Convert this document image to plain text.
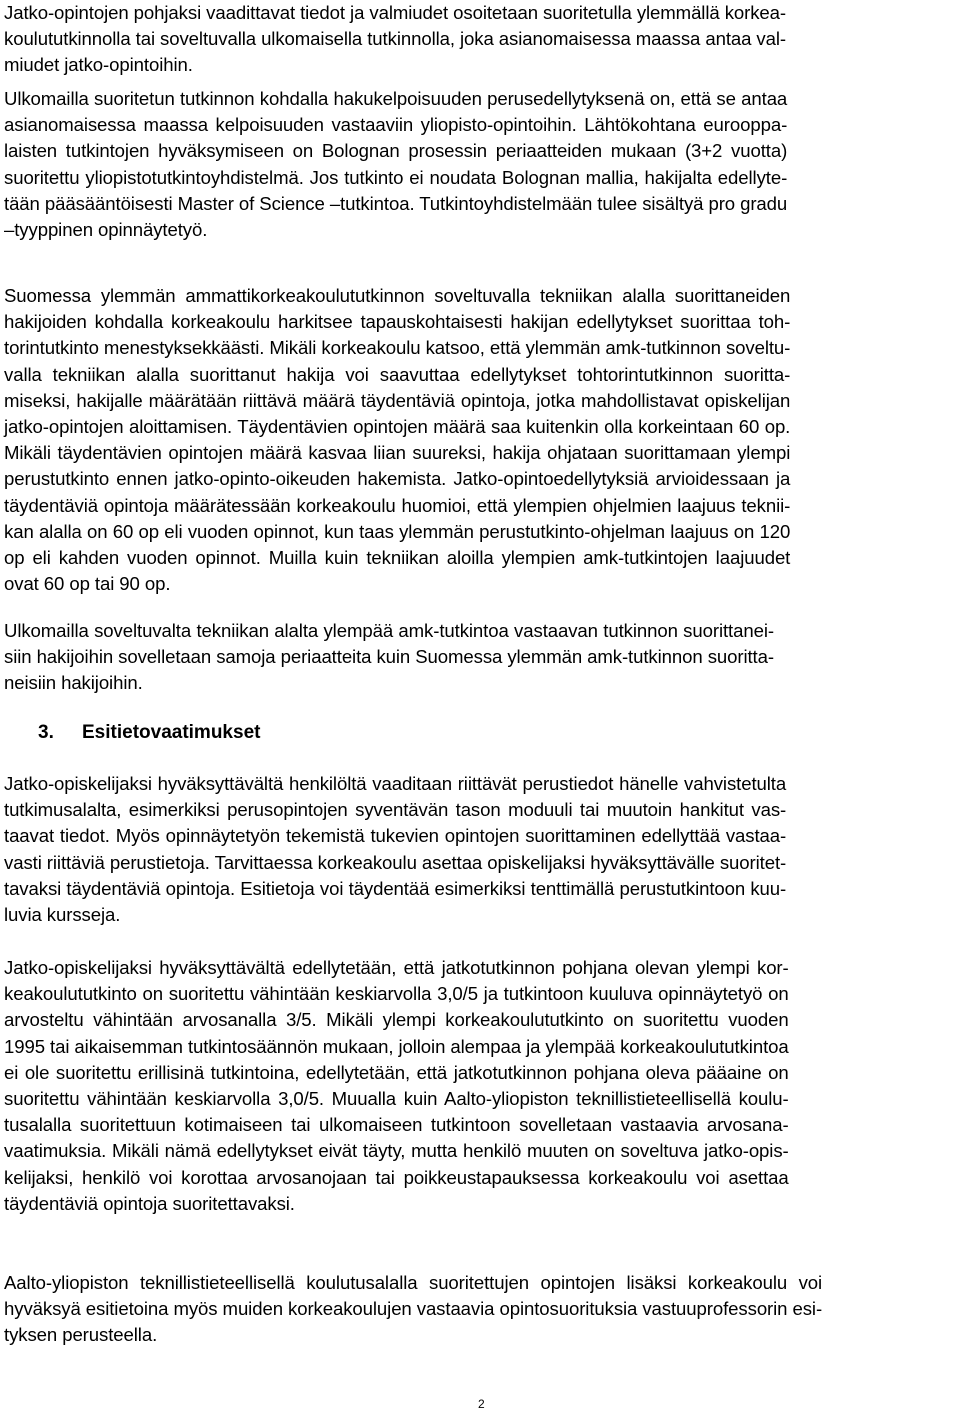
Jatko-opintojen pohjaksi vaadittavat tiedot ja valmiudet osoitetaan suoritetulla ylemmällä korkea-
koulututkinnolla tai soveltuvalla ulkomaisella tutkinnolla, joka asianomaisessa maassa antaa val-
miudet jatko-opintoihin.
Ulkomailla suoritetun tutkinnon kohdalla hakukelpoisuuden perusedellytyksenä on, että se antaa
asianomaisessa maassa kelpoisuuden vastaaviin yliopisto-opintoihin. Lähtökohtana eurooppa-
laisten tutkintojen hyväksymiseen on Bolognan prosessin periaatteiden mukaan (3+2 vuotta)
suoritettu yliopistotutkintoyhdistelmä. Jos tutkinto ei noudata Bolognan mallia, hakijalta edellyte-
tään pääsääntöisesti Master of Science –tutkintoa. Tutkintoyhdistelmään tulee sisältyä pro gradu
–tyyppinen opinnäytetyö.
Suomessa ylemmän ammattikorkeakoulututkinnon soveltuvalla tekniikan alalla suorittaneiden
hakijoiden kohdalla korkeakoulu harkitsee tapauskohtaisesti hakijan edellytykset suorittaa toh-
torintutkinto menestyksekkäästi. Mikäli korkeakoulu katsoo, että ylemmän amk-tutkinnon soveltu-
valla tekniikan alalla suorittanut hakija voi saavuttaa edellytykset tohtorintutkinnon suoritta-
miseksi, hakijalle määrätään riittävä määrä täydentäviä opintoja, jotka mahdollistavat opiskelijan
jatko-opintojen aloittamisen. Täydentävien opintojen määrä saa kuitenkin olla korkeintaan 60 op.
Mikäli täydentävien opintojen määrä kasvaa liian suureksi, hakija ohjataan suorittamaan ylempi
perustutkinto ennen jatko-opinto-oikeuden hakemista. Jatko-opintoedellytyksiä arvioidessaan ja
täydentäviä opintoja määrätessään korkeakoulu huomioi, että ylempien ohjelmien laajuus teknii-
kan alalla on 60 op eli vuoden opinnot, kun taas ylemmän perustutkinto-ohjelman laajuus on 120
op eli kahden vuoden opinnot. Muilla kuin tekniikan aloilla ylempien amk-tutkintojen laajuudet
ovat 60 op tai 90 op.
Ulkomailla soveltuvalta tekniikan alalta ylempää amk-tutkintoa vastaavan tutkinnon suorittanei-
siin hakijoihin sovelletaan samoja periaatteita kuin Suomessa ylemmän amk-tutkinnon suoritta-
neisiin hakijoihin.
3. Esitietovaatimukset
Jatko-opiskelijaksi hyväksyttävältä henkilöltä vaaditaan riittävät perustiedot hänelle vahvistetulta
tutkimusalalta, esimerkiksi perusopintojen syventävän tason moduuli tai muutoin hankitut vas-
taavat tiedot. Myös opinnäytetyön tekemistä tukevien opintojen suorittaminen edellyttää vastaa-
vasti riittäviä perustietoja. Tarvittaessa korkeakoulu asettaa opiskelijaksi hyväksyttävälle suoritet-
tavaksi täydentäviä opintoja. Esitietoja voi täydentää esimerkiksi tenttimällä perustutkintoon kuu-
luvia kursseja.
Jatko-opiskelijaksi hyväksyttävältä edellytetään, että jatkotutkinnon pohjana olevan ylempi kor-
keakoulututkinto on suoritettu vähintään keskiarvolla 3,0/5 ja tutkintoon kuuluva opinnäytetyö on
arvosteltu vähintään arvosanalla 3/5. Mikäli ylempi korkeakoulututkinto on suoritettu vuoden
1995 tai aikaisemman tutkintosäännön mukaan, jolloin alempaa ja ylempää korkeakoulututkintoa
ei ole suoritettu erillisinä tutkintoina, edellytetään, että jatkotutkinnon pohjana oleva pääaine on
suoritettu vähintään keskiarvolla 3,0/5. Muualla kuin Aalto-yliopiston teknillistieteellisellä koulu-
tusalalla suoritettuun kotimaiseen tai ulkomaiseen tutkintoon sovelletaan vastaavia arvosana-
vaatimuksia. Mikäli nämä edellytykset eivät täyty, mutta henkilö muuten on soveltuva jatko-opis-
kelijaksi, henkilö voi korottaa arvosanojaan tai poikkeustapauksessa korkeakoulu voi asettaa
täydentäviä opintoja suoritettavaksi.
Aalto-yliopiston teknillistieteellisellä koulutusalalla suoritettujen opintojen lisäksi korkeakoulu voi
hyväksyä esitietoina myös muiden korkeakoulujen vastaavia opintosuorituksia vastuuprofessorin esi-
tyksen perusteella.
2
